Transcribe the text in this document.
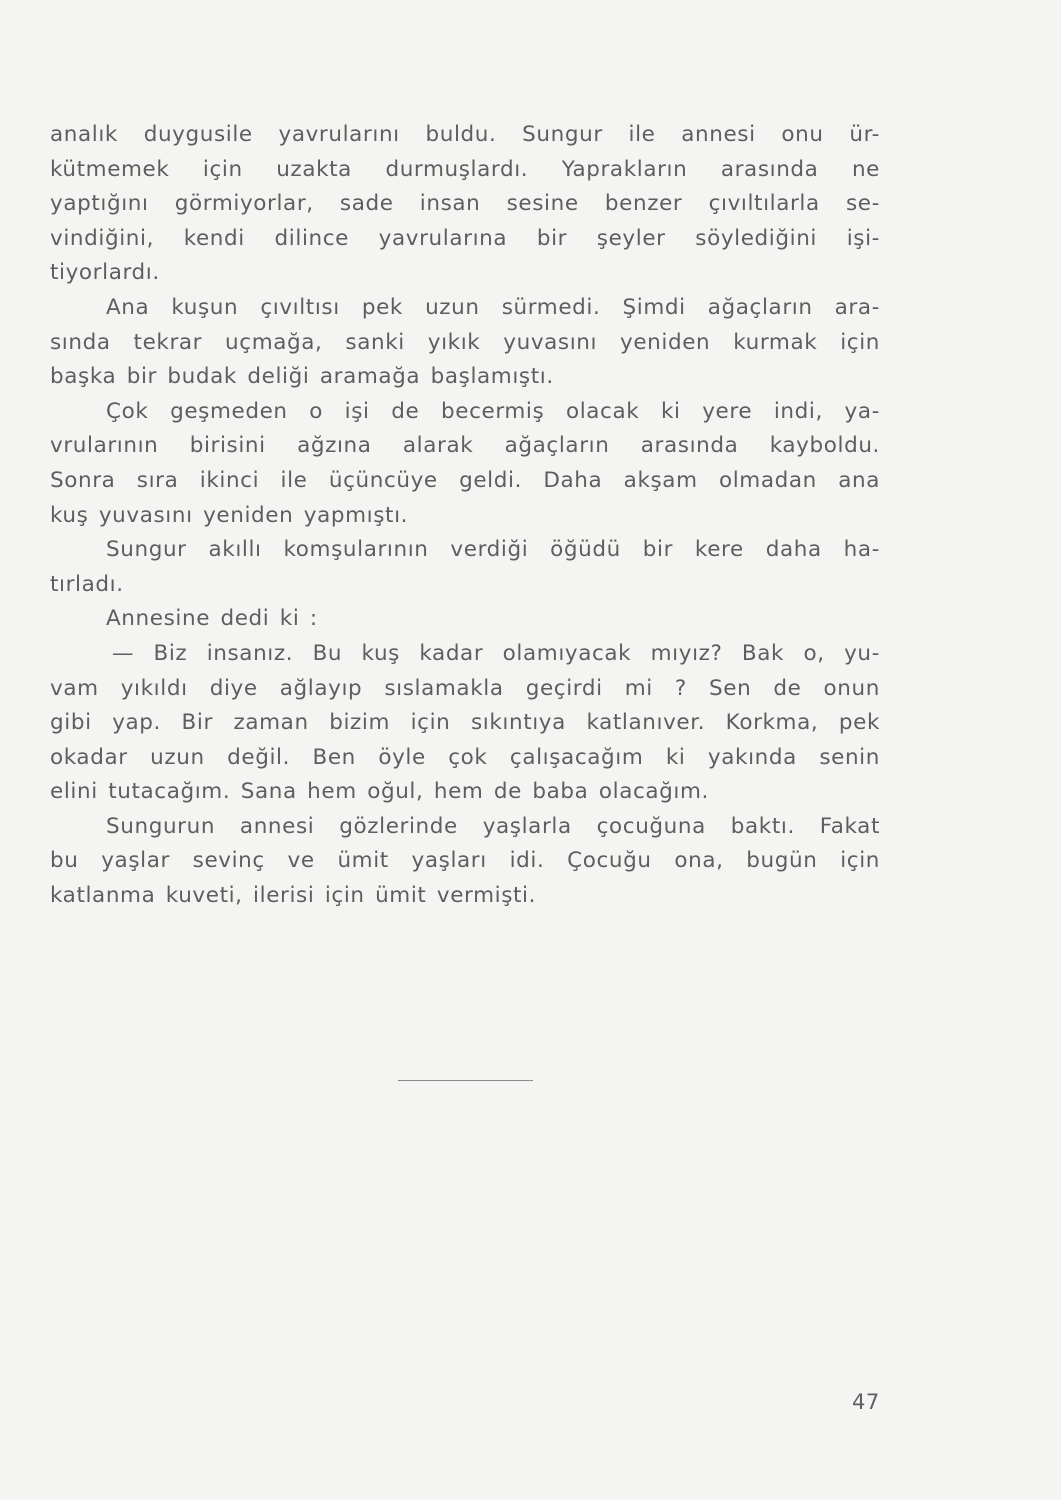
analık duygusile yavrularını buldu. Sungur ile annesi onu ür-
kütmemek için uzakta durmuşlardı. Yaprakların arasında ne
yaptığını görmiyorlar, sade insan sesine benzer çıvıltılarla se-
vindiğini, kendi dilince yavrularına bir şeyler söylediğini işi-
tiyorlardı.
Ana kuşun çıvıltısı pek uzun sürmedi. Şimdi ağaçların ara-
sında tekrar uçmağa, sanki yıkık yuvasını yeniden kurmak için
başka bir budak deliği aramağa başlamıştı.
Çok geşmeden o işi de becermiş olacak ki yere indi, ya-
vrularının birisini ağzına alarak ağaçların arasında kayboldu.
Sonra sıra ikinci ile üçüncüye geldi. Daha akşam olmadan ana
kuş yuvasını yeniden yapmıştı.
Sungur akıllı komşularının verdiği öğüdü bir kere daha ha-
tırladı.
Annesine dedi ki :
— Biz insanız. Bu kuş kadar olamıyacak mıyız? Bak o, yu-
vam yıkıldı diye ağlayıp sıslamakla geçirdi mi ? Sen de onun
gibi yap. Bir zaman bizim için sıkıntıya katlanıver. Korkma, pek
okadar uzun değil. Ben öyle çok çalışacağım ki yakında senin
elini tutacağım. Sana hem oğul, hem de baba olacağım.
Sungurun annesi gözlerinde yaşlarla çocuğuna baktı. Fakat
bu yaşlar sevinç ve ümit yaşları idi. Çocuğu ona, bugün için
katlanma kuveti, ilerisi için ümit vermişti.
47
